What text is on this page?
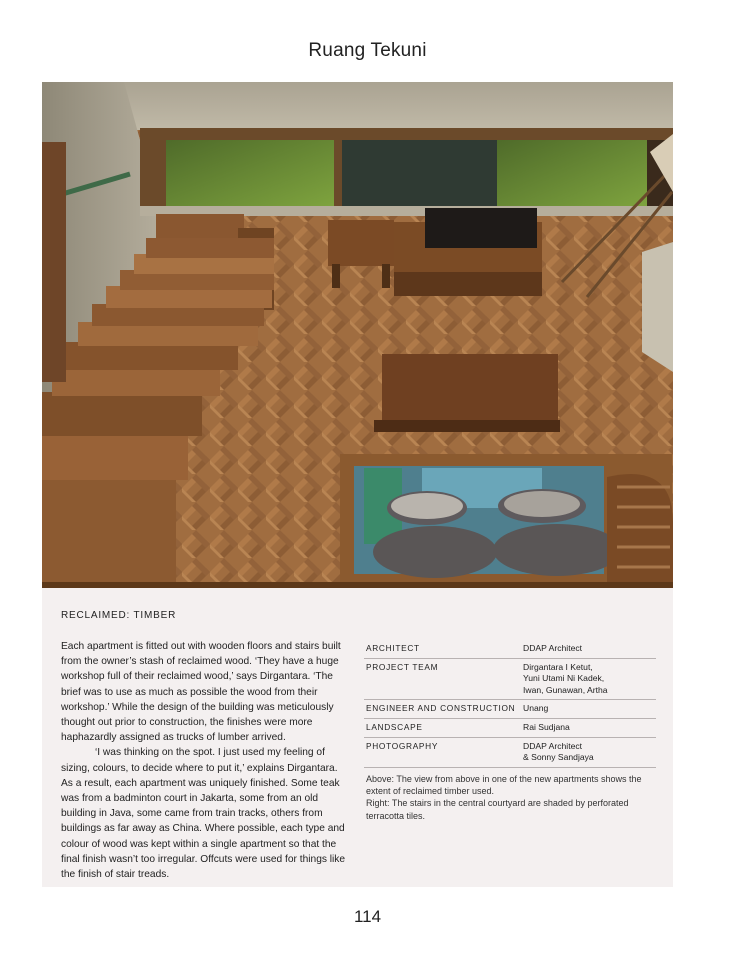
Ruang Tekuni
RECLAIMED: TIMBER

Each apartment is fitted out with wooden floors and stairs built from the owner’s stash of reclaimed wood. ‘They have a huge workshop full of their reclaimed wood,’ says Dirgantara. ‘The brief was to use as much as possible the wood from their workshop.’ While the design of the building was meticulously thought out prior to construction, the finishes were more haphazardly assigned as trucks of lumber arrived.

‘I was thinking on the spot. I just used my feeling of sizing, colours, to decide where to put it,’ explains Dirgantara. As a result, each apartment was uniquely finished. Some teak was from a badminton court in Jakarta, some from an old building in Java, some came from train tracks, others from buildings as far away as China. Where possible, each type and colour of wood was kept within a single apartment so that the final finish wasn’t too irregular. Offcuts were used for things like the finish of stair treads.

ARCHITECT	DDAP Architect
PROJECT TEAM	Dirgantara I Ketut,
Yuni Utami Ni Kadek,
Iwan, Gunawan, Artha
ENGINEER AND CONSTRUCTION Unang
LANDSCAPE	Rai Sudjana
PHOTOGRAPHY	DDAP Architect
& Sonny Sandjaya
Above: The view from above in one of the new apartments shows the extent of reclaimed timber used.
Right: The stairs in the central courtyard are shaded by perforated terracotta tiles.
114
